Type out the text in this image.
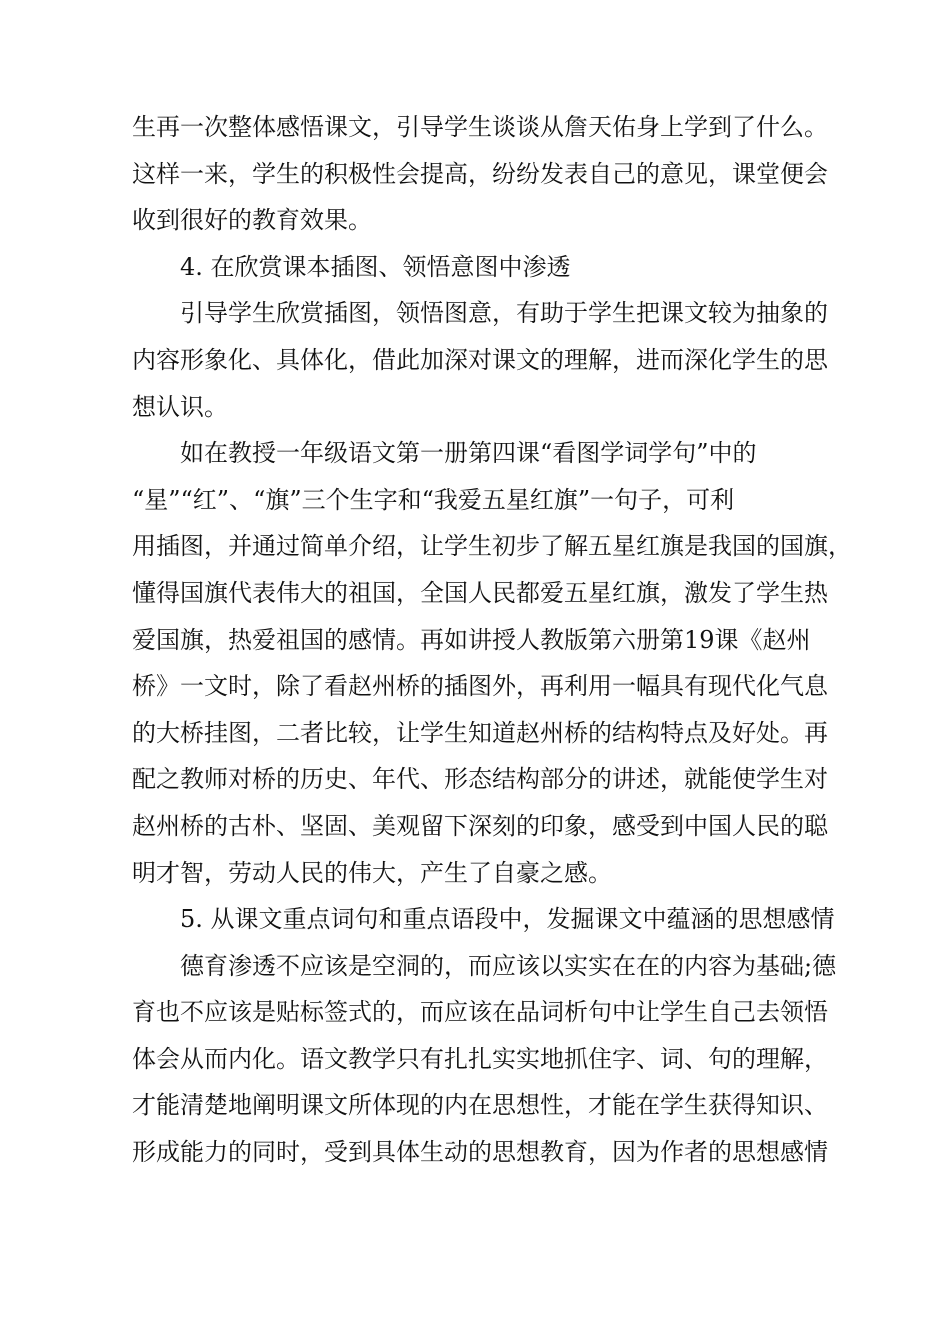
生再一次整体感悟课文，引导学生谈谈从詹天佑身上学到了什么。
这样一来，学生的积极性会提高，纷纷发表自己的意见，课堂便会
收到很好的教育效果。
4. 在欣赏课本插图、领悟意图中渗透
引导学生欣赏插图，领悟图意，有助于学生把课文较为抽象的
内容形象化、具体化，借此加深对课文的理解，进而深化学生的思
想认识。
如在教授一年级语文第一册第四课“看图学词学句”中的
“星”“红”、“旗”三个生字和“我爱五星红旗”一句子，可利
用插图，并通过简单介绍，让学生初步了解五星红旗是我国的国旗，
懂得国旗代表伟大的祖国，全国人民都爱五星红旗，激发了学生热
爱国旗，热爱祖国的感情。再如讲授人教版第六册第19课《赵州
桥》一文时，除了看赵州桥的插图外，再利用一幅具有现代化气息
的大桥挂图，二者比较，让学生知道赵州桥的结构特点及好处。再
配之教师对桥的历史、年代、形态结构部分的讲述，就能使学生对
赵州桥的古朴、坚固、美观留下深刻的印象，感受到中国人民的聪
明才智，劳动人民的伟大，产生了自豪之感。
5. 从课文重点词句和重点语段中，发掘课文中蕴涵的思想感情
德育渗透不应该是空洞的，而应该以实实在在的内容为基础;德
育也不应该是贴标签式的，而应该在品词析句中让学生自己去领悟
体会从而内化。语文教学只有扎扎实实地抓住字、词、句的理解，
才能清楚地阐明课文所体现的内在思想性，才能在学生获得知识、
形成能力的同时，受到具体生动的思想教育，因为作者的思想感情
